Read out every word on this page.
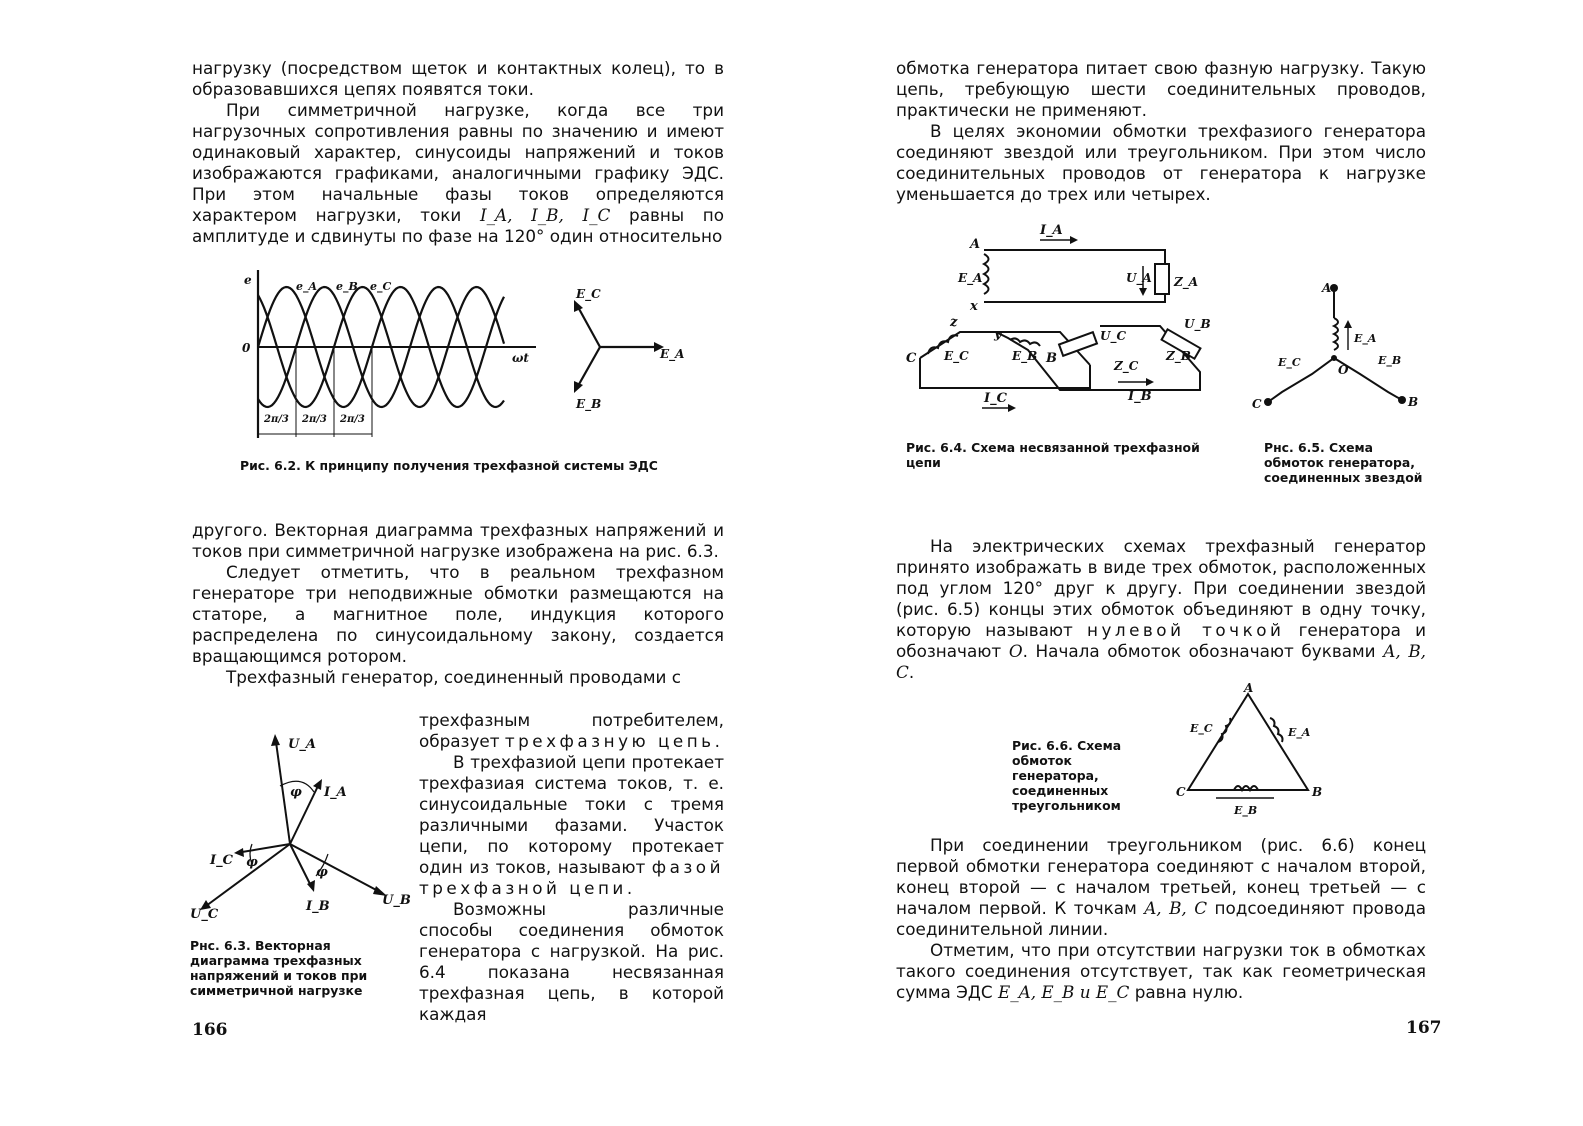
нагрузку (посредством щеток и контактных колец), то в образовавшихся цепях появятся токи.

При симметричной нагрузке, когда все три нагрузочных сопротивления равны по значению и имеют одинаковый характер, синусоиды напряжений и токов изображаются графиками, аналогичными графику ЭДС. При этом начальные фазы токов определяются характером нагрузки, токи I_A, I_B, I_C равны по амплитуде и сдвинуты по фазе на 120° один относительно

e
0
e_A e_B e_C
ωt
2π/3 2π/3 2π/3
E_A
E_C
E_B
Рис. 6.2. К принципу получения трехфазной системы ЭДС

другого. Векторная диаграмма трехфазных напряжений и токов при симметричной нагрузке изображена на рис. 6.3.

Следует отметить, что в реальном трехфазном генераторе три неподвижные обмотки размещаются на статоре, а магнитное поле, индукция которого распределена по синусоидальному закону, создается вращающимся ротором.

Трехфазный генератор, соединенный проводами с

U_A
U_B
U_C
I_A
I_B
I_C
φ
φ
φ
Рнс. 6.3. Векторная диаграмма трехфазных напряжений и токов при симметричной нагрузке

трехфазным потребителем, образует трехфазную цепь.

В трехфазиой цепи протекает трехфазиая система токов, т. е. синусоидальные токи с тремя различными фазами. Участок цепи, по которому протекает один из токов, называют фазой трехфазной цепи.

Возможны различные способы соединения обмоток генератора с нагрузкой. На рис. 6.4 показана несвязанная трехфазная цепь, в которой каждая

166

обмотка генератора питает свою фазную нагрузку. Такую цепь, требующую шести соединительных проводов, практически не применяют.

В целях экономии обмотки трехфазиого генератора соединяют звездой или треугольником. При этом число соединительных проводов от генератора к нагрузке уменьшается до трех или четырех.

A
x
E_A
I_A
U_A Z_A
C
z
y
B
E_C	E_B
U_C
Z_C
U_B
Z_B
I_C	I_B
Рис. 6.4. Схема несвязанной трехфазной цепи
A
O
C	B
E_A
E_B
E_C
Рнс. 6.5. Схема обмоток генератора, соединенных звездой

На электрических схемах трехфазный генератор принято изображать в виде трех обмоток, расположенных под углом 120° друг к другу. При соединении звездой (рис. 6.5) концы этих обмоток объединяют в одну точку, которую называют нулевой точкой генератора и обозначают O. Начала обмоток обозначают буквами A, B, C.

A
C	B
E_C	E_A
E_B
Рис. 6.6. Схема обмоток генератора, соединенных треугольником

При соединении треугольником (рис. 6.6) конец первой обмотки генератора соединяют с началом второй, конец второй — с началом третьей, конец третьей — с началом первой. К точкам A, B, C подсоединяют провода соединительной линии.

Отметим, что при отсутствии нагрузки ток в обмотках такого соединения отсутствует, так как геометрическая сумма ЭДС E_A, E_B и E_C равна нулю.

167
